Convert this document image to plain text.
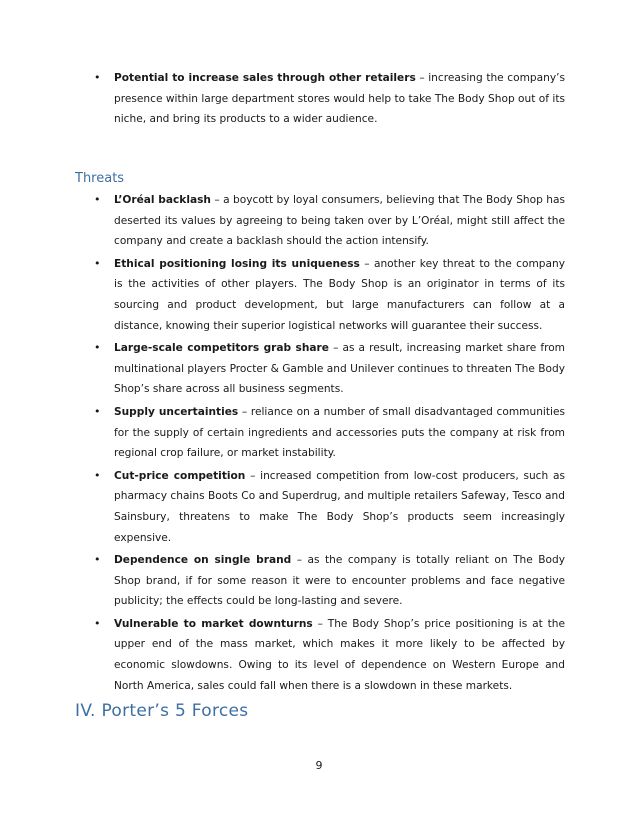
• Potential to increase sales through other retailers – increasing the company’s presence within large department stores would help to take The Body Shop out of its niche, and bring its products to a wider audience.
Threats
• L’Oréal backlash – a boycott by loyal consumers, believing that The Body Shop has deserted its values by agreeing to being taken over by L’Oréal, might still affect the company and create a backlash should the action intensify.
• Ethical positioning losing its uniqueness – another key threat to the company is the activities of other players. The Body Shop is an originator in terms of its sourcing and product development, but large manufacturers can follow at a distance, knowing their superior logistical networks will guarantee their success.
• Large-scale competitors grab share – as a result, increasing market share from multinational players Procter & Gamble and Unilever continues to threaten The Body Shop’s share across all business segments.
• Supply uncertainties – reliance on a number of small disadvantaged communities for the supply of certain ingredients and accessories puts the company at risk from regional crop failure, or market instability.
• Cut-price competition – increased competition from low-cost producers, such as pharmacy chains Boots Co and Superdrug, and multiple retailers Safeway, Tesco and Sainsbury, threatens to make The Body Shop’s products seem increasingly expensive.
• Dependence on single brand – as the company is totally reliant on The Body Shop brand, if for some reason it were to encounter problems and face negative publicity; the effects could be long-lasting and severe.
• Vulnerable to market downturns – The Body Shop’s price positioning is at the upper end of the mass market, which makes it more likely to be affected by economic slowdowns. Owing to its level of dependence on Western Europe and North America, sales could fall when there is a slowdown in these markets.
IV. Porter’s 5 Forces
9
